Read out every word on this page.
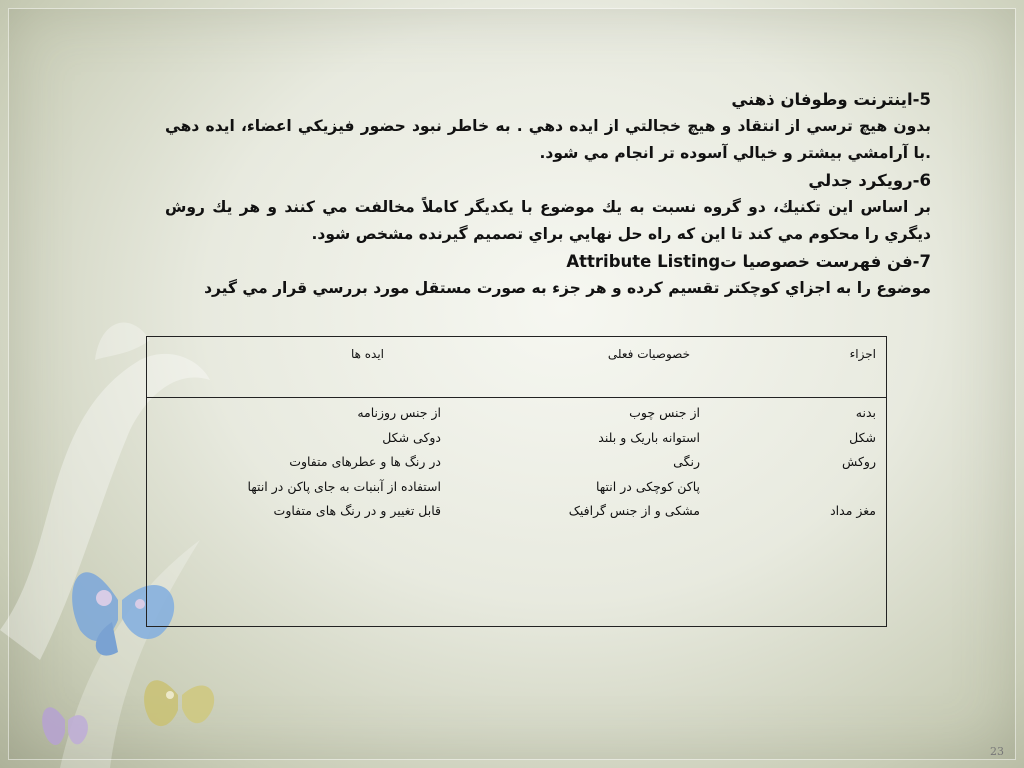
5-اينترنت وطوفان ذهني

بدون هيچ ترسي از انتقاد و هيچ خجالتي از ايده دهي . به خاطر نبود حضور فيزيكي اعضاء، ايده دهي .با آرامشي بيشتر و خيالي آسوده تر انجام مي شود.

6-رويكرد جدلي

بر اساس اين تكنيك، دو گروه نسبت به يك موضوع با يكديگر كاملاً مخالفت مي كنند و هر يك روش ديگري را محكوم مي كند تا اين كه راه حل نهايي براي تصميم گيرنده مشخص شود.

7-فن فهرست خصوصيا تAttribute Listing

موضوع را به اجزاي كوچكتر تقسيم كرده و هر جزء به صورت مستقل مورد بررسي قرار مي گيرد

اجزاء
خصوصیات فعلی
ایده ها
بدنه
از جنس چوب
از جنس روزنامه
شکل
استوانه باریک و بلند
دوکی شکل
روکش
رنگی
در رنگ ها و عطرهای متفاوت
پاکن کوچکی در انتها
استفاده از آبنبات به جای پاکن در انتها
مغز مداد
مشکی و از جنس گرافیک
قابل تغییر و در رنگ های متفاوت
23
